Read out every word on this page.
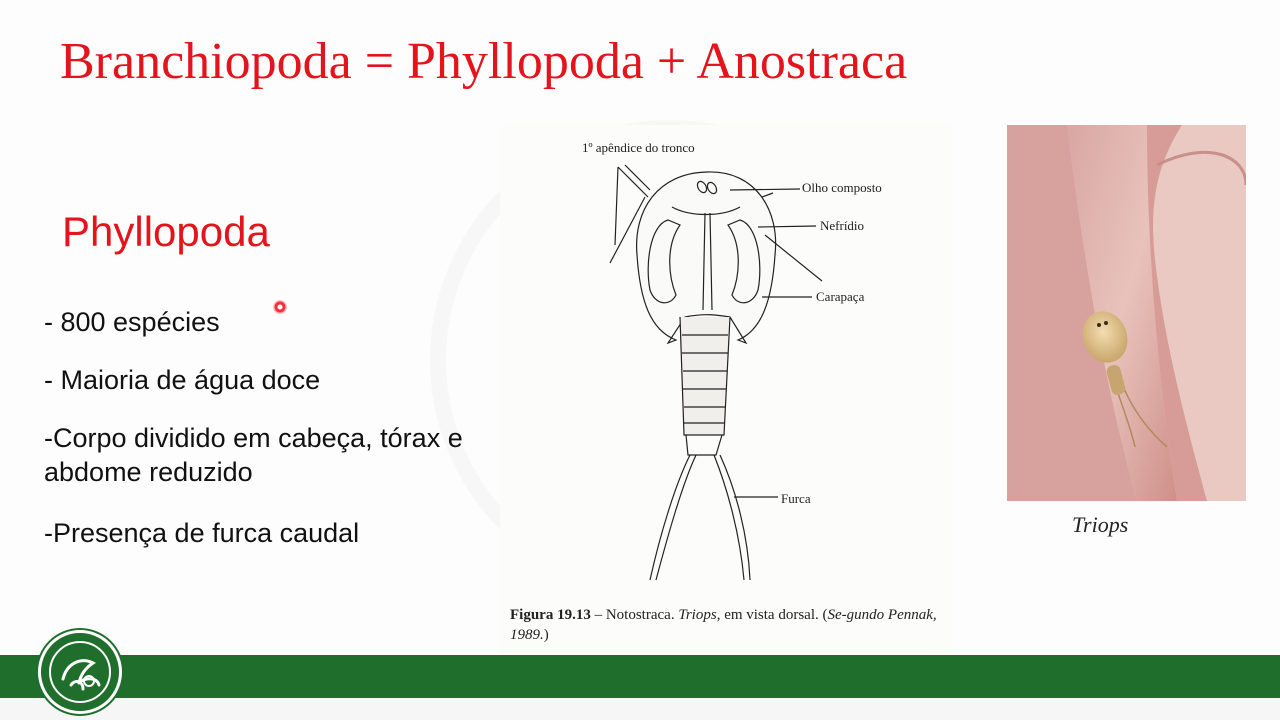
Branchiopoda = Phyllopoda + Anostraca
Phyllopoda
- 800 espécies
- Maioria de água doce
-Corpo dividido em cabeça, tórax e abdome reduzido
-Presença de furca caudal
1º apêndice do tronco
Olho composto
Nefrídio
Carapaça
Furca
Figura 19.13 – Notostraca. Triops, em vista dorsal. (Se-gundo Pennak, 1989.)
Triops
